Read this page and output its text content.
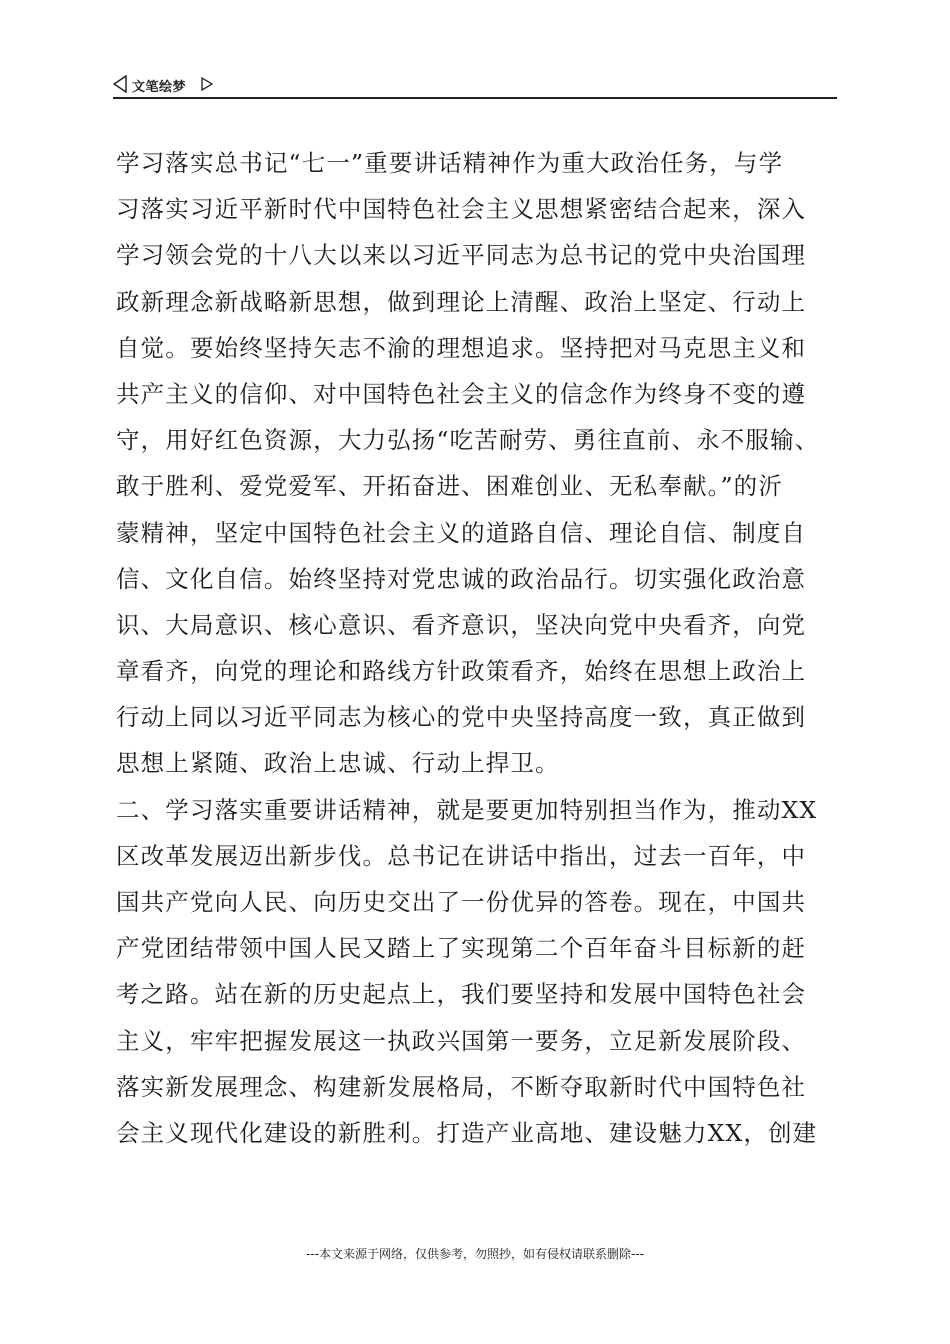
文笔绘梦
学习落实总书记“七一”重要讲话精神作为重大政治任务，与学
习落实习近平新时代中国特色社会主义思想紧密结合起来，深入
学习领会党的十八大以来以习近平同志为总书记的党中央治国理
政新理念新战略新思想，做到理论上清醒、政治上坚定、行动上
自觉。要始终坚持矢志不渝的理想追求。坚持把对马克思主义和
共产主义的信仰、对中国特色社会主义的信念作为终身不变的遵
守，用好红色资源，大力弘扬“吃苦耐劳、勇往直前、永不服输、
敢于胜利、爱党爱军、开拓奋进、困难创业、无私奉献。”的沂
蒙精神，坚定中国特色社会主义的道路自信、理论自信、制度自
信、文化自信。始终坚持对党忠诚的政治品行。切实强化政治意
识、大局意识、核心意识、看齐意识，坚决向党中央看齐，向党
章看齐，向党的理论和路线方针政策看齐，始终在思想上政治上
行动上同以习近平同志为核心的党中央坚持高度一致，真正做到
思想上紧随、政治上忠诚、行动上捍卫。
二、学习落实重要讲话精神，就是要更加特别担当作为，推动XX
区改革发展迈出新步伐。总书记在讲话中指出，过去一百年，中
国共产党向人民、向历史交出了一份优异的答卷。现在，中国共
产党团结带领中国人民又踏上了实现第二个百年奋斗目标新的赶
考之路。站在新的历史起点上，我们要坚持和发展中国特色社会
主义，牢牢把握发展这一执政兴国第一要务，立足新发展阶段、
落实新发展理念、构建新发展格局，不断夺取新时代中国特色社
会主义现代化建设的新胜利。打造产业高地、建设魅力XX，创建
---本文来源于网络，仅供参考，勿照抄，如有侵权请联系删除---
